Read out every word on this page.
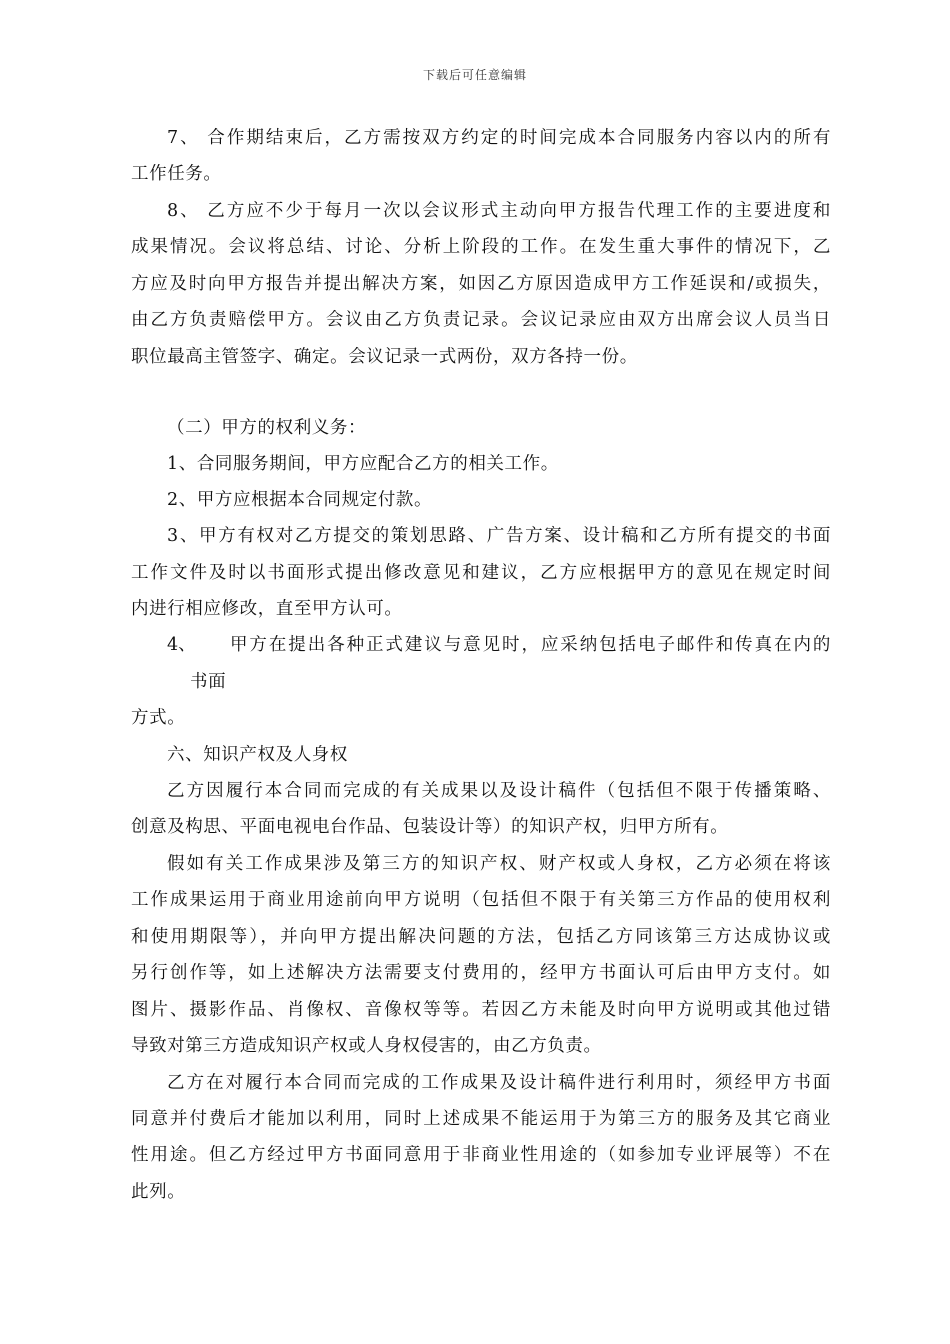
下载后可任意编辑
7、 合作期结束后，乙方需按双方约定的时间完成本合同服务内容以内的所有
工作任务。
8、 乙方应不少于每月一次以会议形式主动向甲方报告代理工作的主要进度和
成果情况。会议将总结、讨论、分析上阶段的工作。在发生重大事件的情况下，乙
方应及时向甲方报告并提出解决方案，如因乙方原因造成甲方工作延误和/或损失，
由乙方负责赔偿甲方。会议由乙方负责记录。会议记录应由双方出席会议人员当日
职位最高主管签字、确定。会议记录一式两份，双方各持一份。
（二）甲方的权利义务：
1、合同服务期间，甲方应配合乙方的相关工作。
2、甲方应根据本合同规定付款。
3、甲方有权对乙方提交的策划思路、广告方案、设计稿和乙方所有提交的书面
工作文件及时以书面形式提出修改意见和建议，乙方应根据甲方的意见在规定时间
内进行相应修改，直至甲方认可。
4、 甲方在提出各种正式建议与意见时，应采纳包括电子邮件和传真在内的
书面
方式。
六、知识产权及人身权
乙方因履行本合同而完成的有关成果以及设计稿件（包括但不限于传播策略、
创意及构思、平面电视电台作品、包装设计等）的知识产权，归甲方所有。
假如有关工作成果涉及第三方的知识产权、财产权或人身权，乙方必须在将该
工作成果运用于商业用途前向甲方说明（包括但不限于有关第三方作品的使用权利
和使用期限等），并向甲方提出解决问题的方法，包括乙方同该第三方达成协议或
另行创作等，如上述解决方法需要支付费用的，经甲方书面认可后由甲方支付。如
图片、摄影作品、肖像权、音像权等等。若因乙方未能及时向甲方说明或其他过错
导致对第三方造成知识产权或人身权侵害的，由乙方负责。
乙方在对履行本合同而完成的工作成果及设计稿件进行利用时，须经甲方书面
同意并付费后才能加以利用，同时上述成果不能运用于为第三方的服务及其它商业
性用途。但乙方经过甲方书面同意用于非商业性用途的（如参加专业评展等）不在
此列。
